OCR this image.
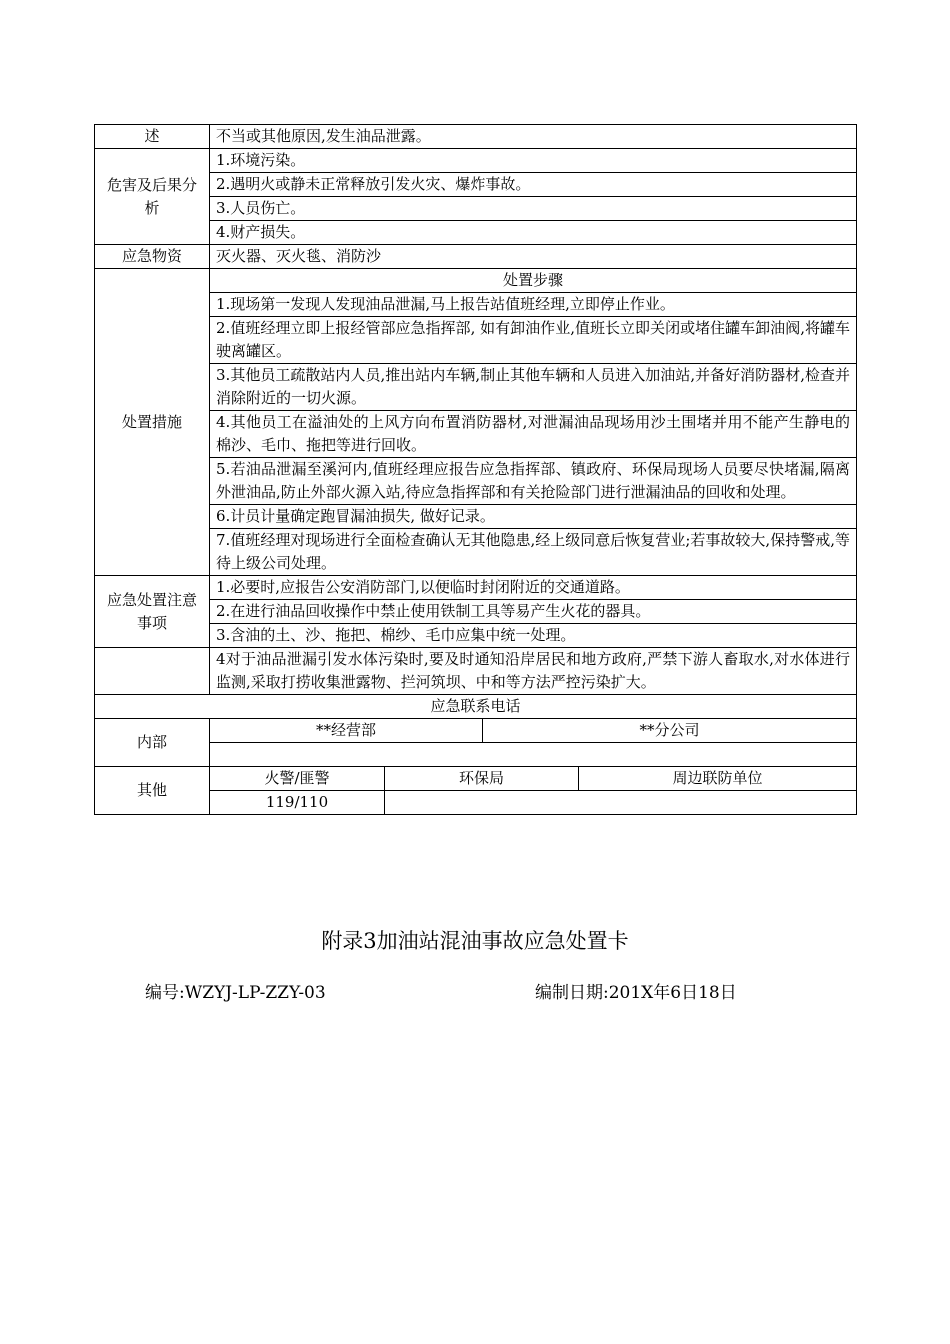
述	不当或其他原因,发生油品泄露。			
危害及后果分析	1.环境污染。			
	2.遇明火或静未正常释放引发火灾、爆炸事故。			
	3.人员伤亡。			
	4.财产损失。			
应急物资	灭火器、灭火毯、消防沙			
处置措施	处置步骤			
	1.现场第一发现人发现油品泄漏,马上报告站值班经理,立即停止作业。			
	2.值班经理立即上报经管部应急指挥部, 如有卸油作业,值班长立即关闭或堵住罐车卸油阀,将罐车驶离罐区。			
	3.其他员工疏散站内人员,推出站内车辆,制止其他车辆和人员进入加油站,并备好消防器材,检查并消除附近的一切火源。			
	4.其他员工在溢油处的上风方向布置消防器材,对泄漏油品现场用沙土围堵并用不能产生静电的棉沙、毛巾、拖把等进行回收。			
	5.若油品泄漏至溪河内,值班经理应报告应急指挥部、镇政府、环保局现场人员要尽快堵漏,隔离外泄油品,防止外部火源入站,待应急指挥部和有关抢险部门进行泄漏油品的回收和处理。			
	6.计员计量确定跑冒漏油损失, 做好记录。			
	7.值班经理对现场进行全面检查确认无其他隐患,经上级同意后恢复营业;若事故较大,保持警戒,等待上级公司处理。			
应急处置注意事项	1.必要时,应报告公安消防部门,以便临时封闭附近的交通道路。			
	2.在进行油品回收操作中禁止使用铁制工具等易产生火花的器具。			
	3.含油的土、沙、拖把、棉纱、毛巾应集中统一处理。			
	4对于油品泄漏引发水体污染时,要及时通知沿岸居民和地方政府,严禁下游人畜取水,对水体进行监测,采取打捞收集泄露物、拦河筑坝、中和等方法严控污染扩大。			
应急联系电话				
内部	**经营部		**分公司	

其他	火警/匪警	环保局		周边联防单位
	119/110			
附录3加油站混油事故应急处置卡
编号:WZYJ-LP-ZZY-03	编制日期:201X年6日18日
